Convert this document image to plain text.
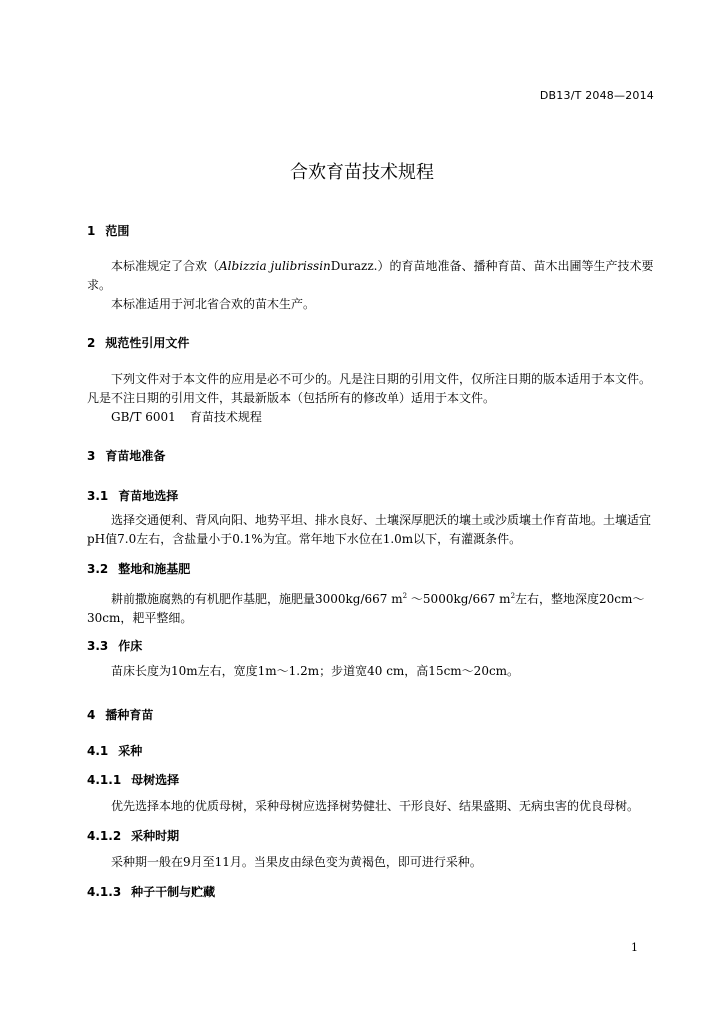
DB13/T 2048—2014
合欢育苗技术规程
1 范围
本标准规定了合欢（Albizzia julibrissinDurazz.）的育苗地准备、播种育苗、苗木出圃等生产技术要求。
本标准适用于河北省合欢的苗木生产。
2 规范性引用文件
下列文件对于本文件的应用是必不可少的。凡是注日期的引用文件，仅所注日期的版本适用于本文件。凡是不注日期的引用文件，其最新版本（包括所有的修改单）适用于本文件。
GB/T 6001 育苗技术规程
3 育苗地准备
3.1 育苗地选择
选择交通便利、背风向阳、地势平坦、排水良好、土壤深厚肥沃的壤土或沙质壤土作育苗地。土壤适宜pH值7.0左右，含盐量小于0.1%为宜。常年地下水位在1.0m以下，有灌溉条件。
3.2 整地和施基肥
耕前撒施腐熟的有机肥作基肥，施肥量3000kg/667 $m^2$ ～5000kg/667 $m^2$左右，整地深度20cm～30cm，耙平整细。
3.3 作床
苗床长度为10m左右，宽度1m～1.2m；步道宽40 cm，高15cm～20cm。
4 播种育苗
4.1 采种
4.1.1 母树选择
优先选择本地的优质母树，采种母树应选择树势健壮、干形良好、结果盛期、无病虫害的优良母树。
4.1.2 采种时期
采种期一般在9月至11月。当果皮由绿色变为黄褐色，即可进行采种。
4.1.3 种子干制与贮藏
1
